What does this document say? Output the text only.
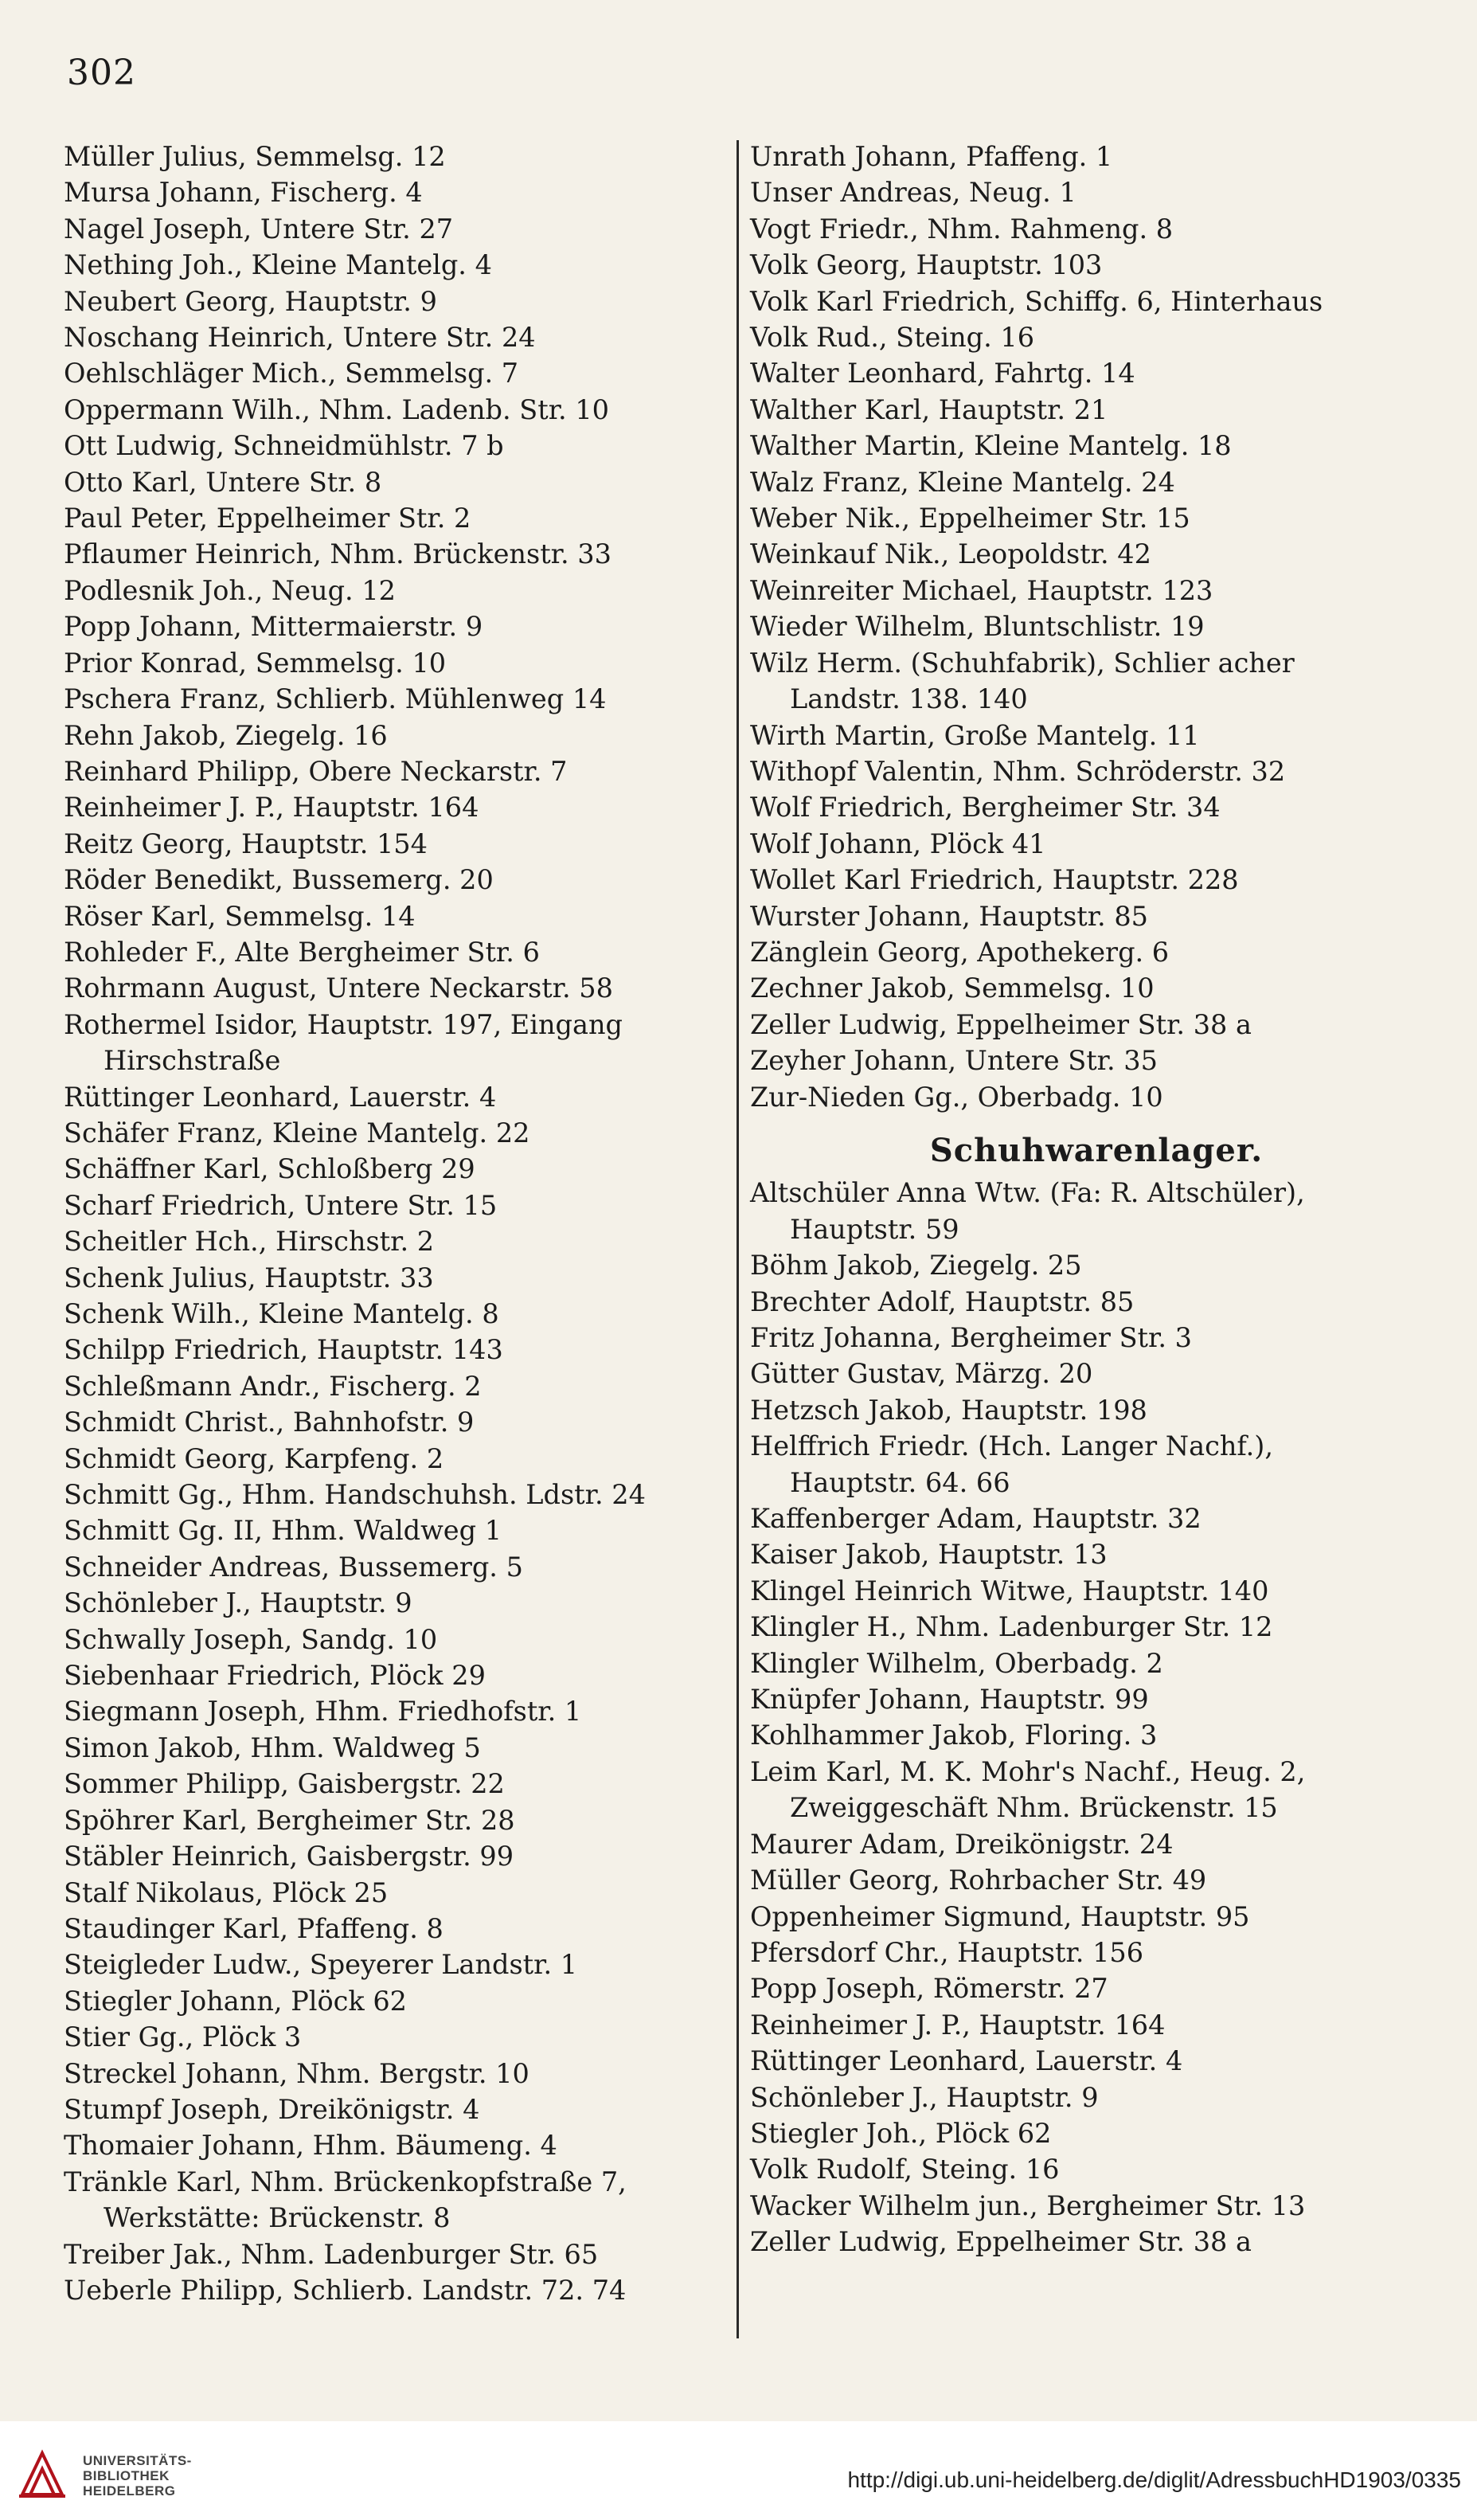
302
Müller Julius, Semmelsg. 12
Mursa Johann, Fischerg. 4
Nagel Joseph, Untere Str. 27
Nething Joh., Kleine Mantelg. 4
Neubert Georg, Hauptstr. 9
Noschang Heinrich, Untere Str. 24
Oehlschläger Mich., Semmelsg. 7
Oppermann Wilh., Nhm. Ladenb. Str. 10
Ott Ludwig, Schneidmühlstr. 7 b
Otto Karl, Untere Str. 8
Paul Peter, Eppelheimer Str. 2
Pflaumer Heinrich, Nhm. Brückenstr. 33
Podlesnik Joh., Neug. 12
Popp Johann, Mittermaierstr. 9
Prior Konrad, Semmelsg. 10
Pschera Franz, Schlierb. Mühlenweg 14
Rehn Jakob, Ziegelg. 16
Reinhard Philipp, Obere Neckarstr. 7
Reinheimer J. P., Hauptstr. 164
Reitz Georg, Hauptstr. 154
Röder Benedikt, Bussemerg. 20
Röser Karl, Semmelsg. 14
Rohleder F., Alte Bergheimer Str. 6
Rohrmann August, Untere Neckarstr. 58
Rothermel Isidor, Hauptstr. 197, Eingang
Hirschstraße
Rüttinger Leonhard, Lauerstr. 4
Schäfer Franz, Kleine Mantelg. 22
Schäffner Karl, Schloßberg 29
Scharf Friedrich, Untere Str. 15
Scheitler Hch., Hirschstr. 2
Schenk Julius, Hauptstr. 33
Schenk Wilh., Kleine Mantelg. 8
Schilpp Friedrich, Hauptstr. 143
Schleßmann Andr., Fischerg. 2
Schmidt Christ., Bahnhofstr. 9
Schmidt Georg, Karpfeng. 2
Schmitt Gg., Hhm. Handschuhsh. Ldstr. 24
Schmitt Gg. II, Hhm. Waldweg 1
Schneider Andreas, Bussemerg. 5
Schönleber J., Hauptstr. 9
Schwally Joseph, Sandg. 10
Siebenhaar Friedrich, Plöck 29
Siegmann Joseph, Hhm. Friedhofstr. 1
Simon Jakob, Hhm. Waldweg 5
Sommer Philipp, Gaisbergstr. 22
Spöhrer Karl, Bergheimer Str. 28
Stäbler Heinrich, Gaisbergstr. 99
Stalf Nikolaus, Plöck 25
Staudinger Karl, Pfaffeng. 8
Steigleder Ludw., Speyerer Landstr. 1
Stiegler Johann, Plöck 62
Stier Gg., Plöck 3
Streckel Johann, Nhm. Bergstr. 10
Stumpf Joseph, Dreikönigstr. 4
Thomaier Johann, Hhm. Bäumeng. 4
Tränkle Karl, Nhm. Brückenkopfstraße 7,
Werkstätte: Brückenstr. 8
Treiber Jak., Nhm. Ladenburger Str. 65
Ueberle Philipp, Schlierb. Landstr. 72. 74
Unrath Johann, Pfaffeng. 1
Unser Andreas, Neug. 1
Vogt Friedr., Nhm. Rahmeng. 8
Volk Georg, Hauptstr. 103
Volk Karl Friedrich, Schiffg. 6, Hinterhaus
Volk Rud., Steing. 16
Walter Leonhard, Fahrtg. 14
Walther Karl, Hauptstr. 21
Walther Martin, Kleine Mantelg. 18
Walz Franz, Kleine Mantelg. 24
Weber Nik., Eppelheimer Str. 15
Weinkauf Nik., Leopoldstr. 42
Weinreiter Michael, Hauptstr. 123
Wieder Wilhelm, Bluntschlistr. 19
Wilz Herm. (Schuhfabrik), Schlier acher
Landstr. 138. 140
Wirth Martin, Große Mantelg. 11
Withopf Valentin, Nhm. Schröderstr. 32
Wolf Friedrich, Bergheimer Str. 34
Wolf Johann, Plöck 41
Wollet Karl Friedrich, Hauptstr. 228
Wurster Johann, Hauptstr. 85
Zänglein Georg, Apothekerg. 6
Zechner Jakob, Semmelsg. 10
Zeller Ludwig, Eppelheimer Str. 38 a
Zeyher Johann, Untere Str. 35
Zur-Nieden Gg., Oberbadg. 10
Schuhwarenlager.
Altschüler Anna Wtw. (Fa: R. Altschüler),
Hauptstr. 59
Böhm Jakob, Ziegelg. 25
Brechter Adolf, Hauptstr. 85
Fritz Johanna, Bergheimer Str. 3
Gütter Gustav, Märzg. 20
Hetzsch Jakob, Hauptstr. 198
Helffrich Friedr. (Hch. Langer Nachf.),
Hauptstr. 64. 66
Kaffenberger Adam, Hauptstr. 32
Kaiser Jakob, Hauptstr. 13
Klingel Heinrich Witwe, Hauptstr. 140
Klingler H., Nhm. Ladenburger Str. 12
Klingler Wilhelm, Oberbadg. 2
Knüpfer Johann, Hauptstr. 99
Kohlhammer Jakob, Floring. 3
Leim Karl, M. K. Mohr's Nachf., Heug. 2,
Zweiggeschäft Nhm. Brückenstr. 15
Maurer Adam, Dreikönigstr. 24
Müller Georg, Rohrbacher Str. 49
Oppenheimer Sigmund, Hauptstr. 95
Pfersdorf Chr., Hauptstr. 156
Popp Joseph, Römerstr. 27
Reinheimer J. P., Hauptstr. 164
Rüttinger Leonhard, Lauerstr. 4
Schönleber J., Hauptstr. 9
Stiegler Joh., Plöck 62
Volk Rudolf, Steing. 16
Wacker Wilhelm jun., Bergheimer Str. 13
Zeller Ludwig, Eppelheimer Str. 38 a
UNIVERSITÄTS-
BIBLIOTHEK
HEIDELBERG	http://digi.ub.uni-heidelberg.de/diglit/AdressbuchHD1903/0335
